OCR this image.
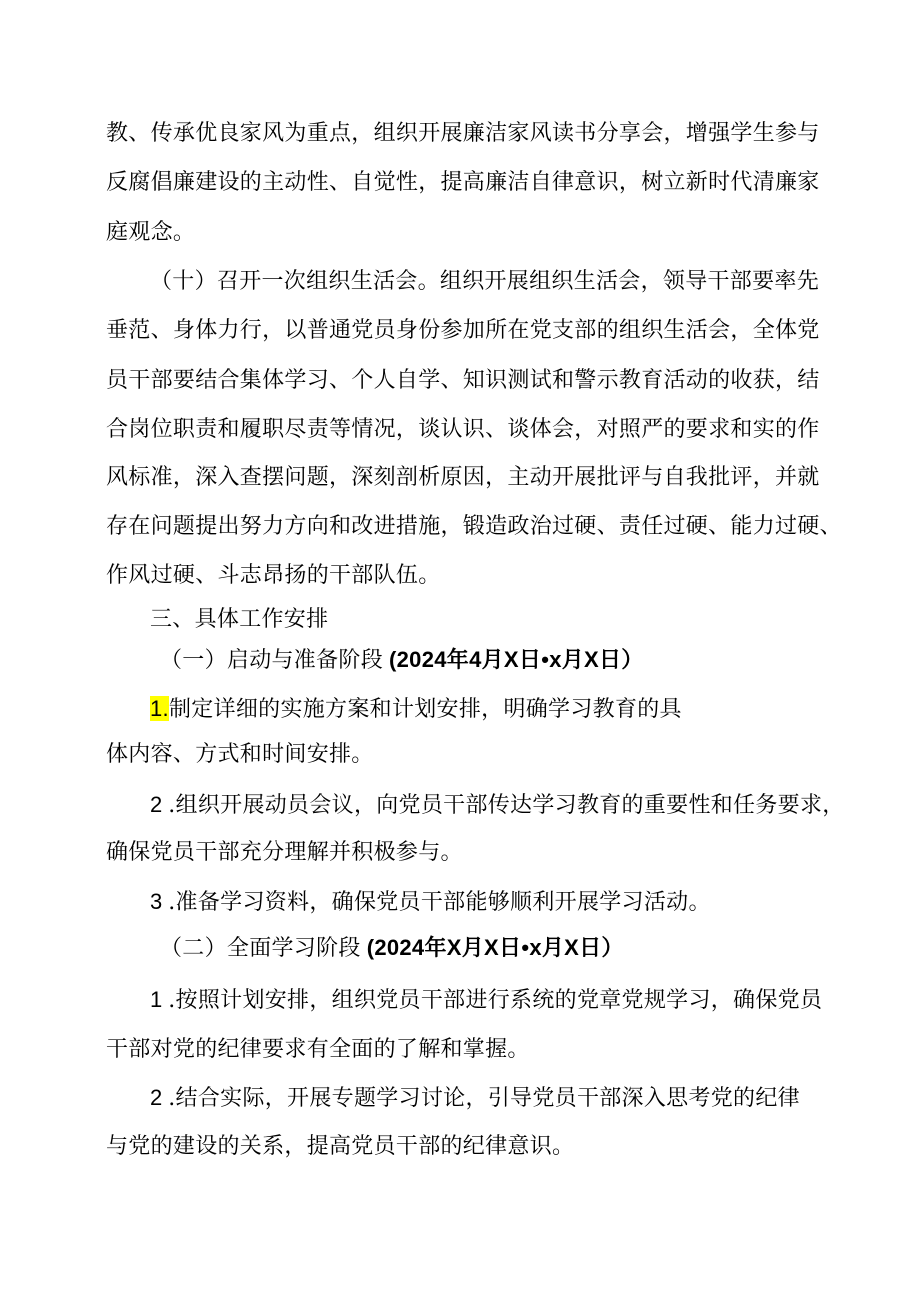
教、传承优良家风为重点，组织开展廉洁家风读书分享会，增强学生参与
反腐倡廉建设的主动性、自觉性，提高廉洁自律意识，树立新时代清廉家
庭观念。
（十）召开一次组织生活会。组织开展组织生活会，领导干部要率先
垂范、身体力行，以普通党员身份参加所在党支部的组织生活会，全体党
员干部要结合集体学习、个人自学、知识测试和警示教育活动的收获，结
合岗位职责和履职尽责等情况，谈认识、谈体会，对照严的要求和实的作
风标准，深入查摆问题，深刻剖析原因，主动开展批评与自我批评，并就
存在问题提出努力方向和改进措施，锻造政治过硬、责任过硬、能力过硬、
作风过硬、斗志昂扬的干部队伍。
三、具体工作安排
（一）启动与准备阶段 (2024年4月X日•x月X日）
1.制定详细的实施方案和计划安排，明确学习教育的具
体内容、方式和时间安排。
2 .组织开展动员会议，向党员干部传达学习教育的重要性和任务要求，
确保党员干部充分理解并积极参与。
3 .准备学习资料，确保党员干部能够顺利开展学习活动。
（二）全面学习阶段 (2024年X月X日•x月X日）
1 .按照计划安排，组织党员干部进行系统的党章党规学习，确保党员
干部对党的纪律要求有全面的了解和掌握。
2 .结合实际，开展专题学习讨论，引导党员干部深入思考党的纪律
与党的建设的关系，提高党员干部的纪律意识。
